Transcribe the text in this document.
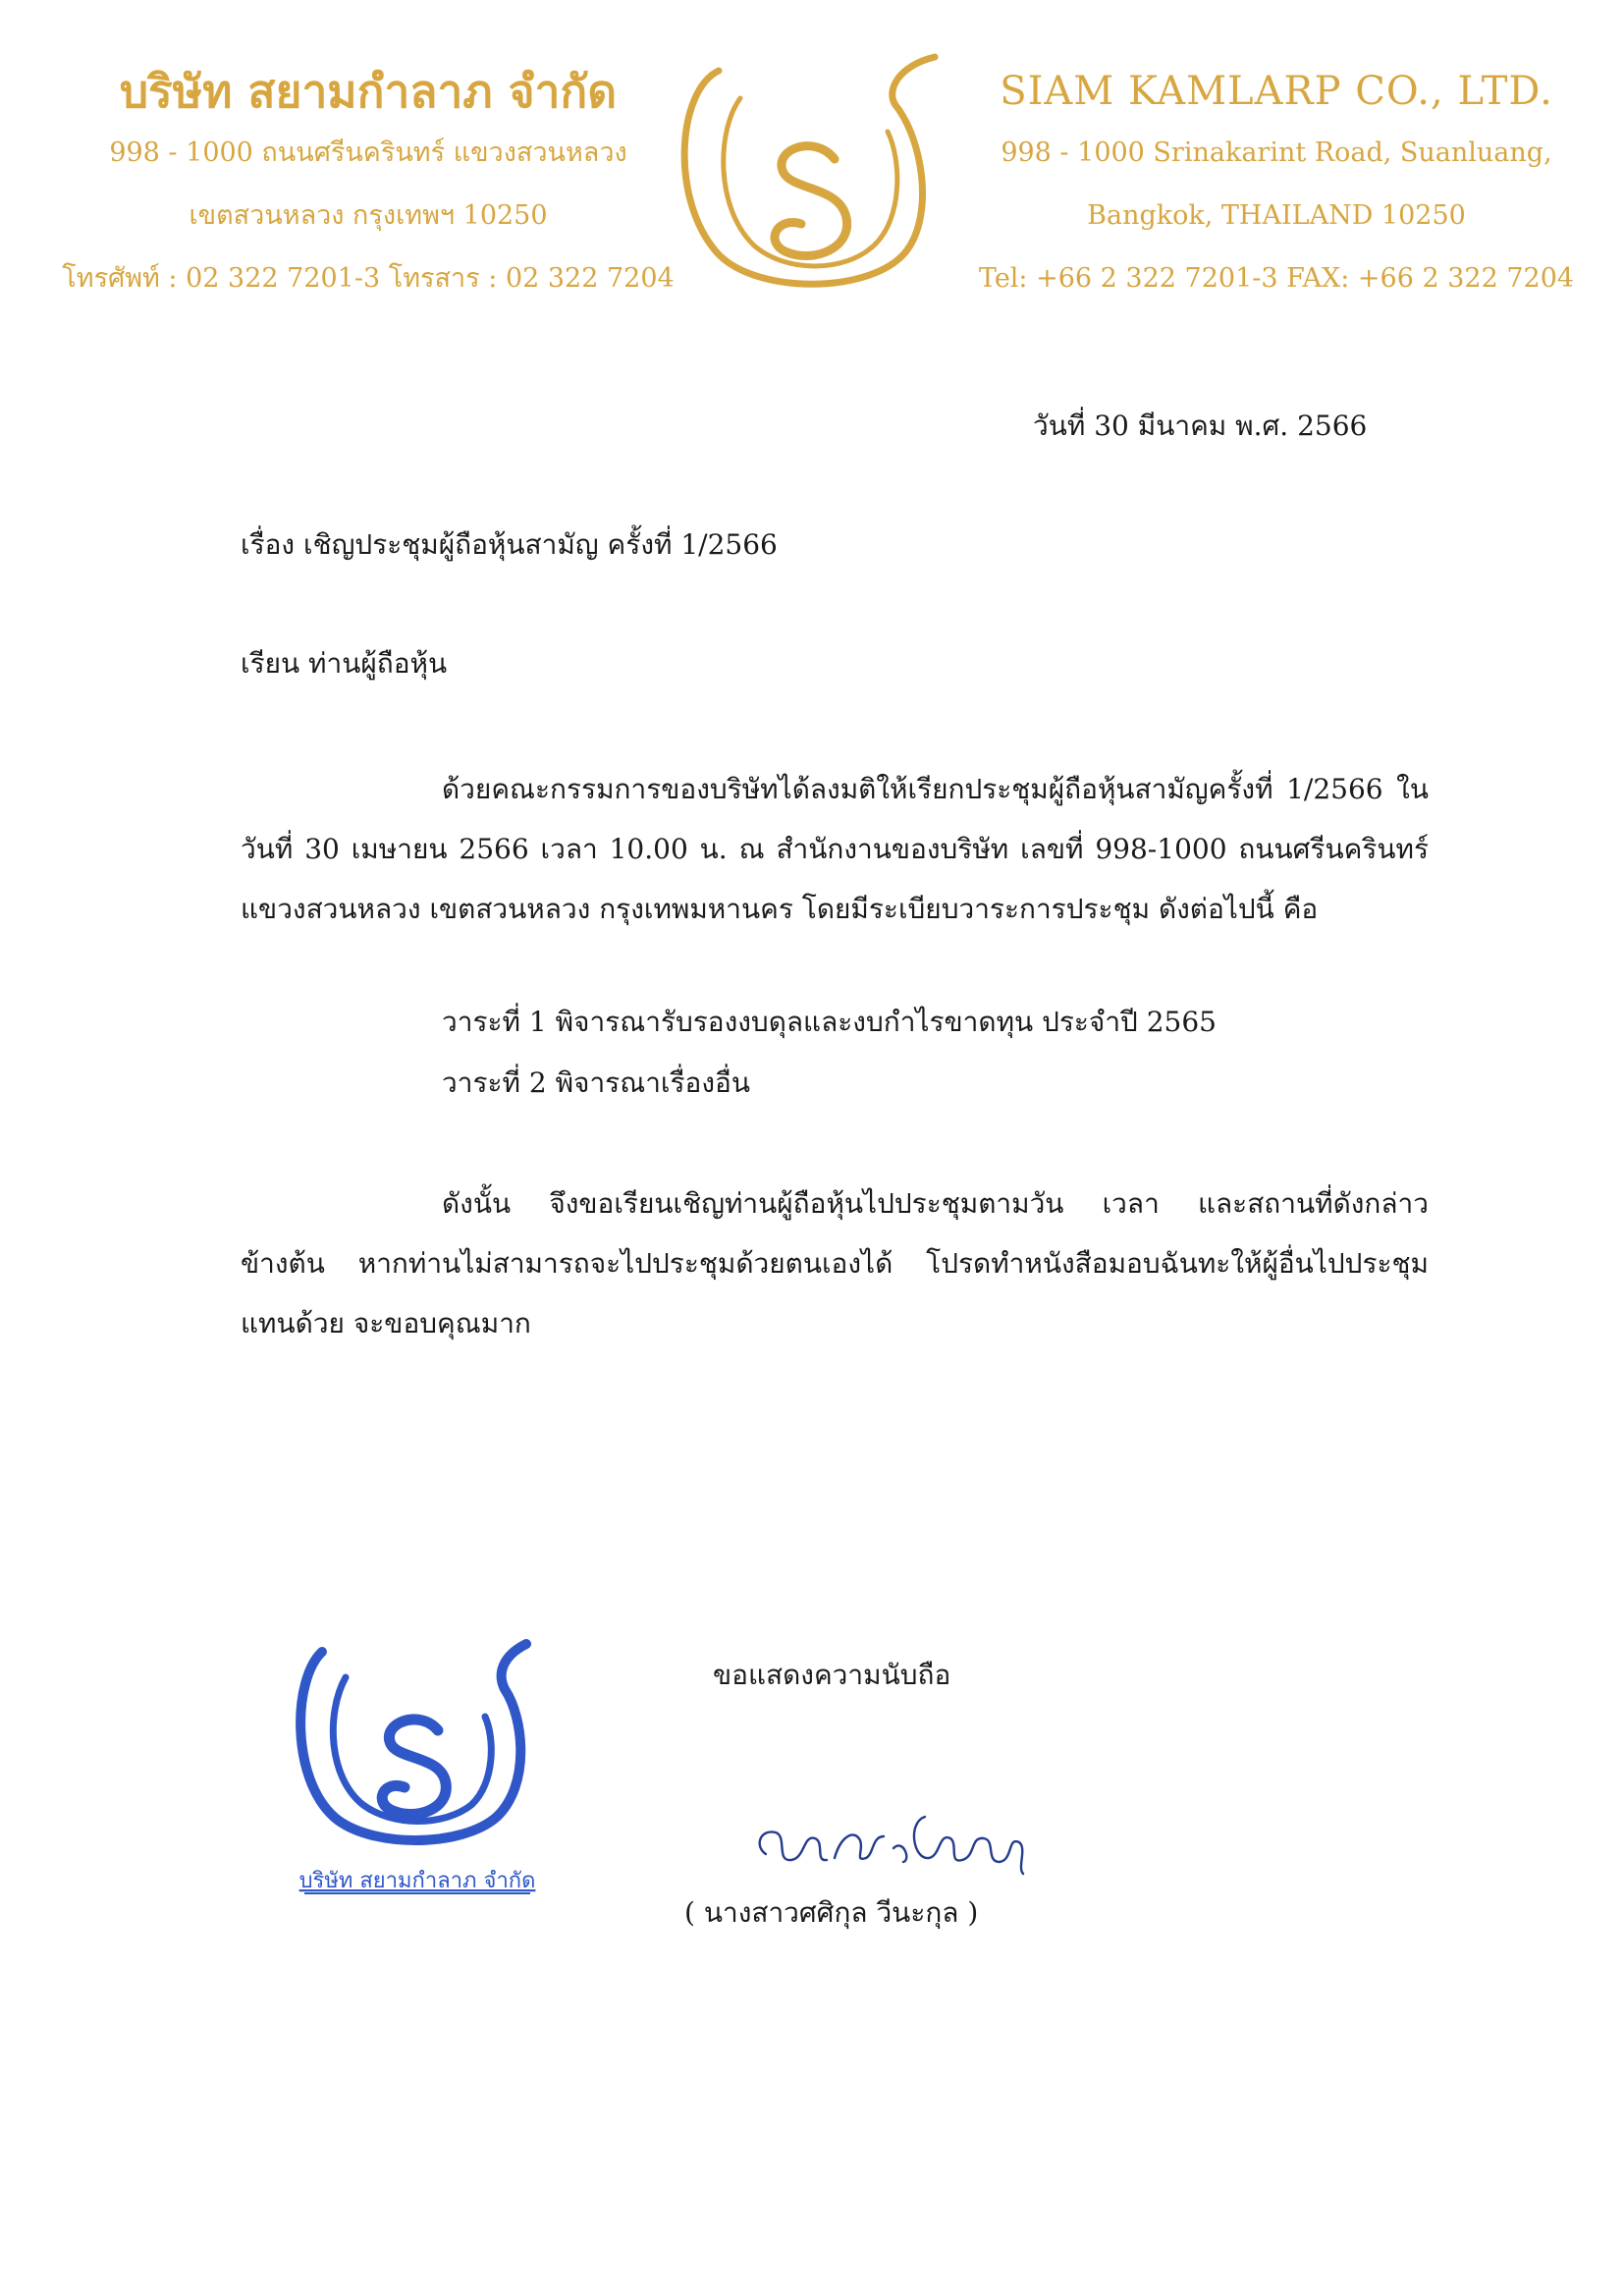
บริษัท สยามกำลาภ จำกัด
998 - 1000 ถนนศรีนครินทร์ แขวงสวนหลวง
เขตสวนหลวง กรุงเทพฯ 10250
โทรศัพท์ : 02 322 7201-3 โทรสาร : 02 322 7204
SIAM KAMLARP CO., LTD.
998 - 1000 Srinakarint Road, Suanluang,
Bangkok, THAILAND 10250
Tel: +66 2 322 7201-3 FAX: +66 2 322 7204
วันที่ 30 มีนาคม พ.ศ. 2566
เรื่อง เชิญประชุมผู้ถือหุ้นสามัญ ครั้งที่ 1/2566
เรียน ท่านผู้ถือหุ้น
ด้วยคณะกรรมการของบริษัทได้ลงมติให้เรียกประชุมผู้ถือหุ้นสามัญครั้งที่ 1/2566 ใน
วันที่ 30 เมษายน 2566 เวลา 10.00 น. ณ สำนักงานของบริษัท เลขที่ 998-1000 ถนนศรีนครินทร์
แขวงสวนหลวง เขตสวนหลวง กรุงเทพมหานคร โดยมีระเบียบวาระการประชุม ดังต่อไปนี้ คือ
วาระที่ 1 พิจารณารับรองงบดุลและงบกำไรขาดทุน ประจำปี 2565
วาระที่ 2 พิจารณาเรื่องอื่น
ดังนั้น จึงขอเรียนเชิญท่านผู้ถือหุ้นไปประชุมตามวัน เวลา และสถานที่ดังกล่าว
ข้างต้น หากท่านไม่สามารถจะไปประชุมด้วยตนเองได้ โปรดทำหนังสือมอบฉันทะให้ผู้อื่นไปประชุม
แทนด้วย จะขอบคุณมาก
บริษัท สยามกำลาภ จำกัด
ขอแสดงความนับถือ
( นางสาวศศิกุล วีนะกุล )
